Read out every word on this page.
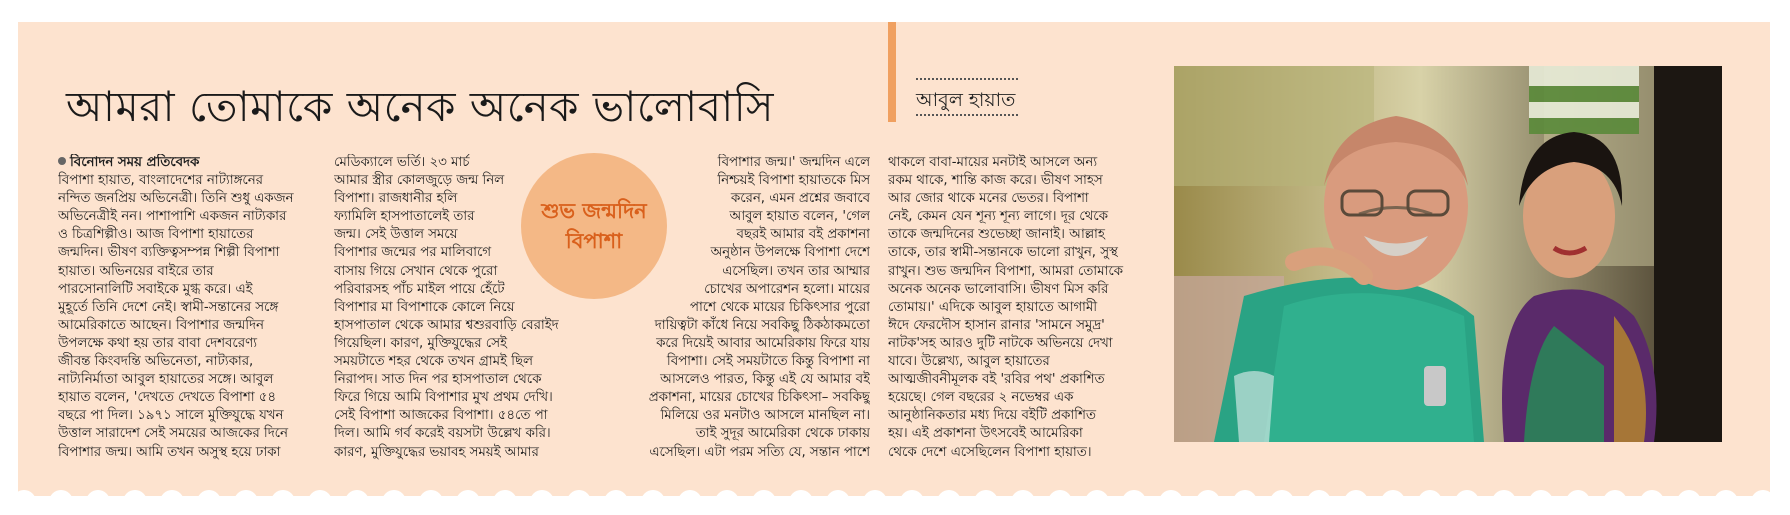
আমরা তোমাকে অনেক অনেক ভালোবাসি	আবুল হায়াত

বিনোদন সময় প্রতিবেদক

বিপাশা হায়াত, বাংলাদেশের নাট্যাঙ্গনের

নন্দিত জনপ্রিয় অভিনেত্রী। তিনি শুধু একজন

অভিনেত্রীই নন। পাশাপাশি একজন নাট্যকার

ও চিত্রশিল্পীও। আজ বিপাশা হায়াতের

জন্মদিন। ভীষণ ব্যক্তিত্বসম্পন্ন শিল্পী বিপাশা

হায়াত। অভিনয়ের বাইরে তার

পারসোনালিটি সবাইকে মুগ্ধ করে। এই

মুহূর্তে তিনি দেশে নেই। স্বামী-সন্তানের সঙ্গে

আমেরিকাতে আছেন। বিপাশার জন্মদিন

উপলক্ষে কথা হয় তার বাবা দেশবরেণ্য

জীবন্ত কিংবদন্তি অভিনেতা, নাট্যকার,

নাট্যনির্মাতা আবুল হায়াতের সঙ্গে। আবুল

হায়াত বলেন, 'দেখতে দেখতে বিপাশা ৫৪

বছরে পা দিল। ১৯৭১ সালে মুক্তিযুদ্ধে যখন

উত্তাল সারাদেশ সেই সময়ের আজকের দিনে

বিপাশার জন্ম। আমি তখন অসুস্থ হয়ে ঢাকা

মেডিক্যালে ভর্তি। ২৩ মার্চ

আমার স্ত্রীর কোলজুড়ে জন্ম নিল

বিপাশা। রাজধানীর হলি

ফ্যামিলি হাসপাতালেই তার

জন্ম। সেই উত্তাল সময়ে

বিপাশার জন্মের পর মালিবাগে

বাসায় গিয়ে সেখান থেকে পুরো

পরিবারসহ পাঁচ মাইল পায়ে হেঁটে

বিপাশার মা বিপাশাকে কোলে নিয়ে

হাসপাতাল থেকে আমার শ্বশুরবাড়ি বেরাইদ

গিয়েছিল। কারণ, মুক্তিযুদ্ধের সেই

সময়টাতে শহর থেকে তখন গ্রামই ছিল

নিরাপদ। সাত দিন পর হাসপাতাল থেকে

ফিরে গিয়ে আমি বিপাশার মুখ প্রথম দেখি।

সেই বিপাশা আজকের বিপাশা। ৫৪তে পা

দিল। আমি গর্ব করেই বয়সটা উল্লেখ করি।

কারণ, মুক্তিযুদ্ধের ভয়াবহ সময়ই আমার

বিপাশার জন্ম।' জন্মদিন এলে

নিশ্চয়ই বিপাশা হায়াতকে মিস

করেন, এমন প্রশ্নের জবাবে

আবুল হায়াত বলেন, 'গেল

বছরই আমার বই প্রকাশনা

অনুষ্ঠান উপলক্ষে বিপাশা দেশে

এসেছিল। তখন তার আম্মার

চোখের অপারেশন হলো। মায়ের

পাশে থেকে মায়ের চিকিৎসার পুরো

দায়িত্বটা কাঁধে নিয়ে সবকিছু ঠিকঠাকমতো

করে দিয়েই আবার আমেরিকায় ফিরে যায়

বিপাশা। সেই সময়টাতে কিন্তু বিপাশা না

আসলেও পারত, কিন্তু এই যে আমার বই

প্রকাশনা, মায়ের চোখের চিকিৎসা– সবকিছু

মিলিয়ে ওর মনটাও আসলে মানছিল না।

তাই সুদূর আমেরিকা থেকে ঢাকায়

এসেছিল। এটা পরম সত্যি যে, সন্তান পাশে

থাকলে বাবা-মায়ের মনটাই আসলে অন্য

রকম থাকে, শান্তি কাজ করে। ভীষণ সাহস

আর জোর থাকে মনের ভেতর। বিপাশা

নেই, কেমন যেন শূন্য শূন্য লাগে। দূর থেকে

তাকে জন্মদিনের শুভেচ্ছা জানাই। আল্লাহ

তাকে, তার স্বামী-সন্তানকে ভালো রাখুন, সুস্থ

রাখুন। শুভ জন্মদিন বিপাশা, আমরা তোমাকে

অনেক অনেক ভালোবাসি। ভীষণ মিস করি

তোমায়।' এদিকে আবুল হায়াতে আগামী

ঈদে ফেরদৌস হাসান রানার 'সামনে সমুদ্র'

নাটক'সহ আরও দুটি নাটকে অভিনয়ে দেখা

যাবে। উল্লেখ্য, আবুল হায়াতের

আত্মজীবনীমূলক বই 'রবির পথ' প্রকাশিত

হয়েছে। গেল বছরের ২ নভেম্বর এক

আনুষ্ঠানিকতার মধ্য দিয়ে বইটি প্রকাশিত

হয়। এই প্রকাশনা উৎসবেই আমেরিকা

থেকে দেশে এসেছিলেন বিপাশা হায়াত।

শুভ জন্মদিন
বিপাশা
